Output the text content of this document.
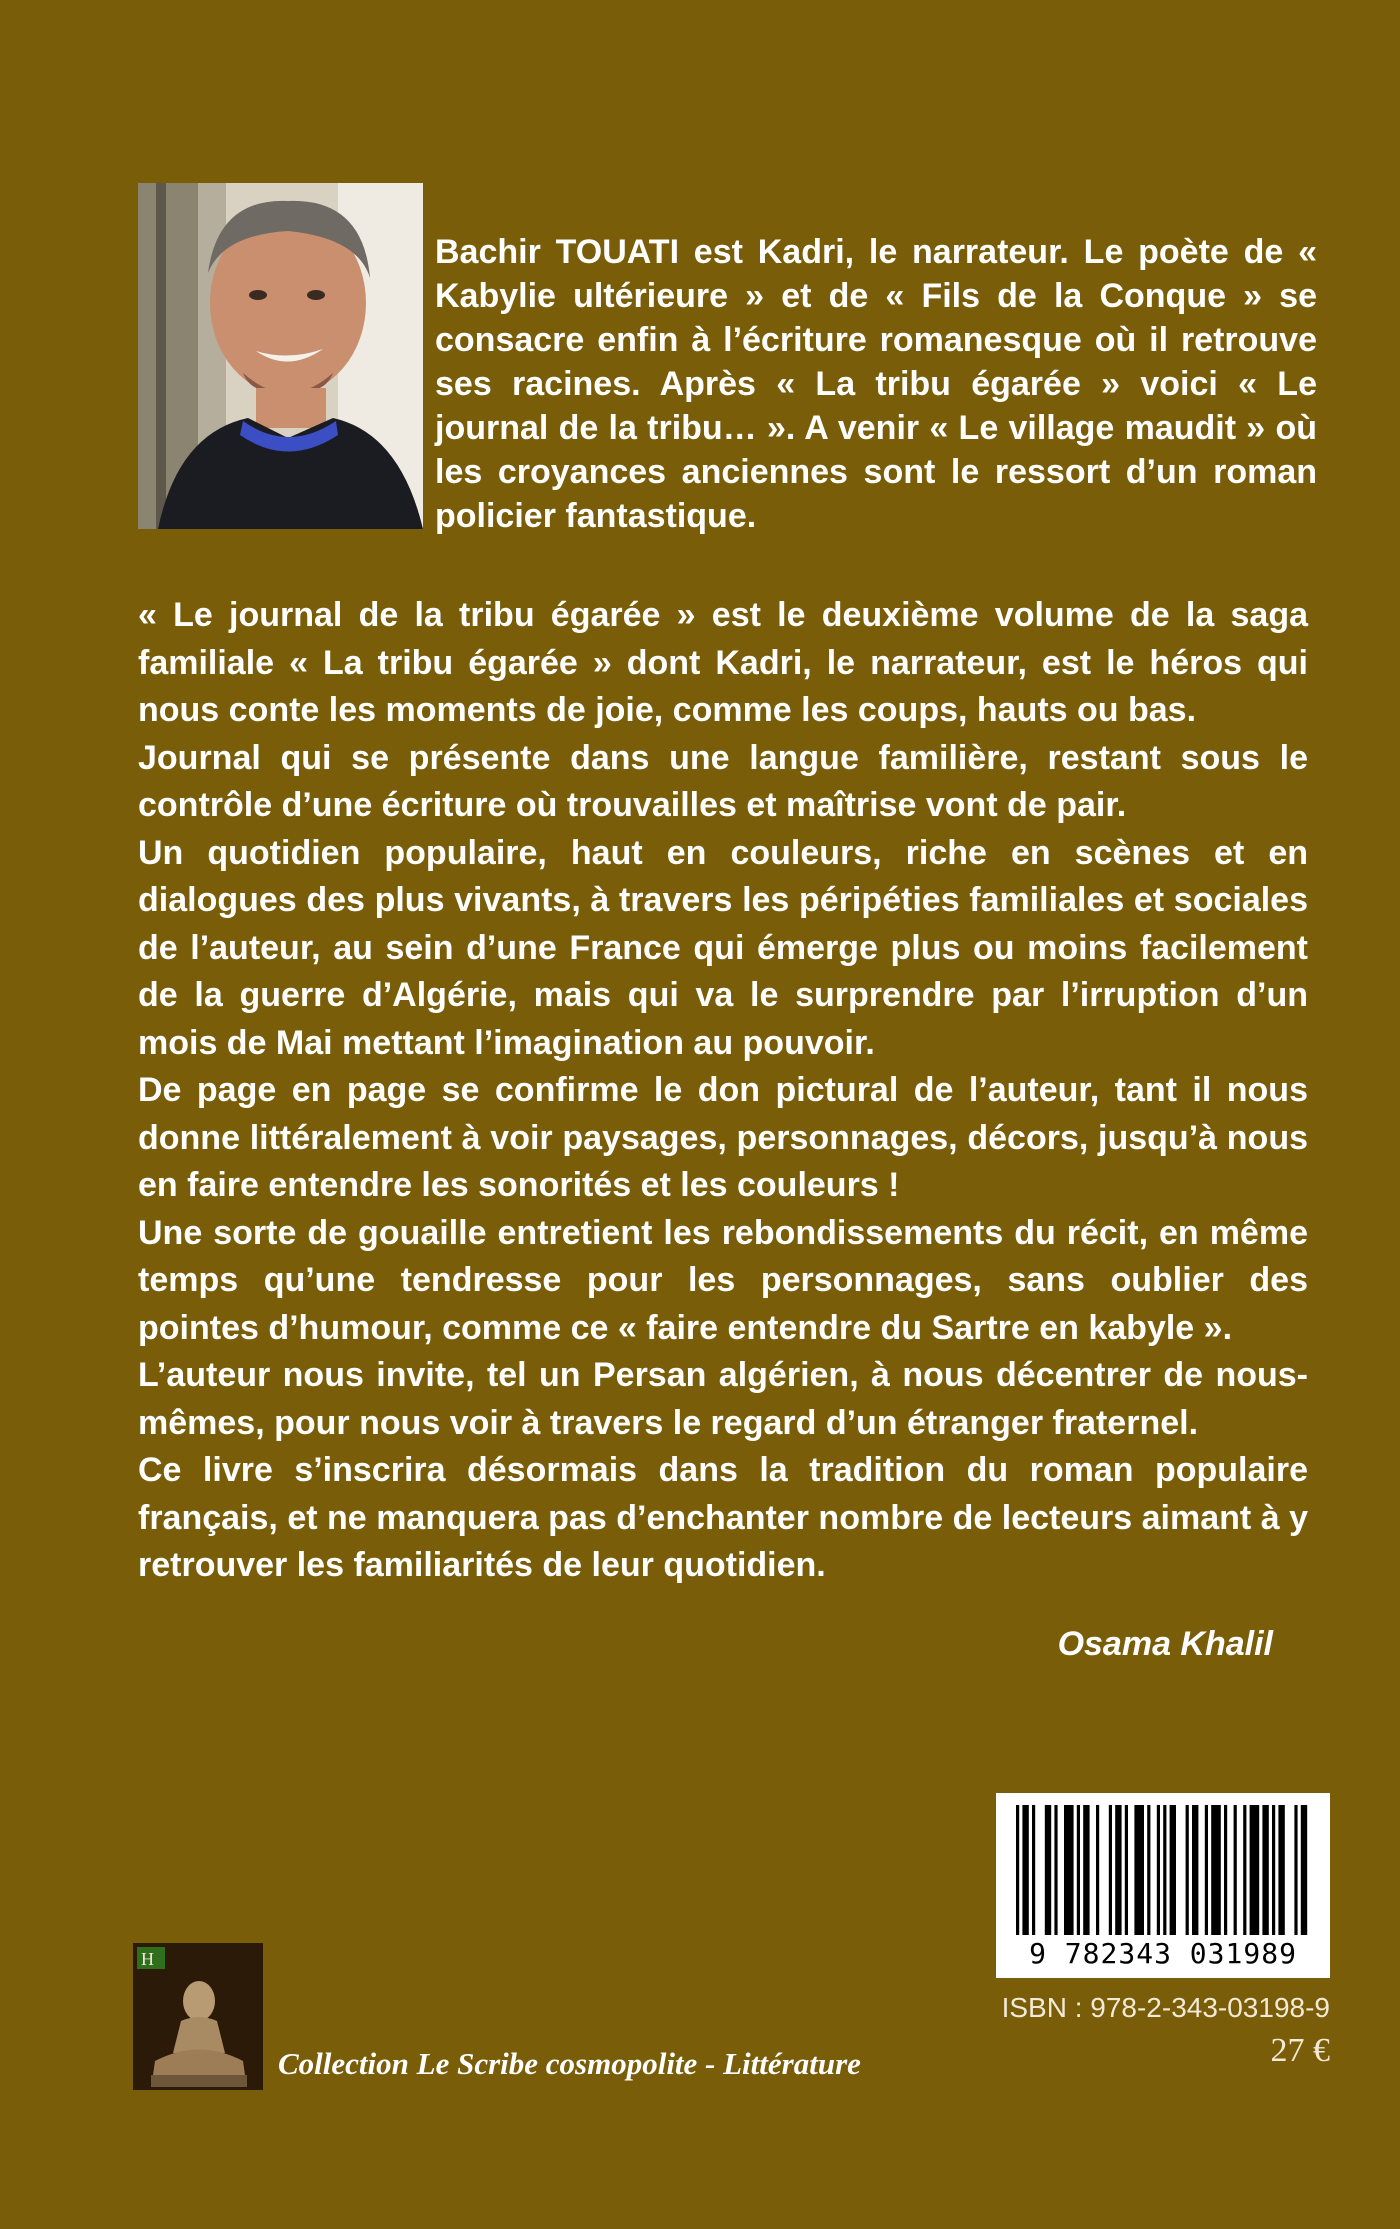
Bachir TOUATI est Kadri, le narrateur. Le poète de « Kabylie ultérieure » et de « Fils de la Conque » se consacre enfin à l’écriture romanesque où il retrouve ses racines. Après « La tribu égarée » voici « Le journal de la tribu… ». A venir « Le village maudit » où les croyances anciennes sont le ressort d’un roman policier fantastique.

« Le journal de la tribu égarée » est le deuxième volume de la saga familiale « La tribu égarée » dont Kadri, le narrateur, est le héros qui nous conte les moments de joie, comme les coups, hauts ou bas.

Journal qui se présente dans une langue familière, restant sous le contrôle d’une écriture où trouvailles et maîtrise vont de pair.

Un quotidien populaire, haut en couleurs, riche en scènes et en dialogues des plus vivants, à travers les péripéties familiales et sociales de l’auteur, au sein d’une France qui émerge plus ou moins facilement de la guerre d’Algérie, mais qui va le surprendre par l’irruption d’un mois de Mai mettant l’imagination au pouvoir.

De page en page se confirme le don pictural de l’auteur, tant il nous donne littéralement à voir paysages, personnages, décors, jusqu’à nous en faire entendre les sonorités et les couleurs !

Une sorte de gouaille entretient les rebondissements du récit, en même temps qu’une tendresse pour les personnages, sans oublier des pointes d’humour, comme ce « faire entendre du Sartre en kabyle ».

L’auteur nous invite, tel un Persan algérien, à nous décentrer de nous-mêmes, pour nous voir à travers le regard d’un étranger fraternel.

Ce livre s’inscrira désormais dans la tradition du roman populaire français, et ne manquera pas d’enchanter nombre de lecteurs aimant à y retrouver les familiarités de leur quotidien.

Osama Khalil

9 782343 031989
ISBN : 978-2-343-03198-9
27 €
H

Collection Le Scribe cosmopolite - Littérature
